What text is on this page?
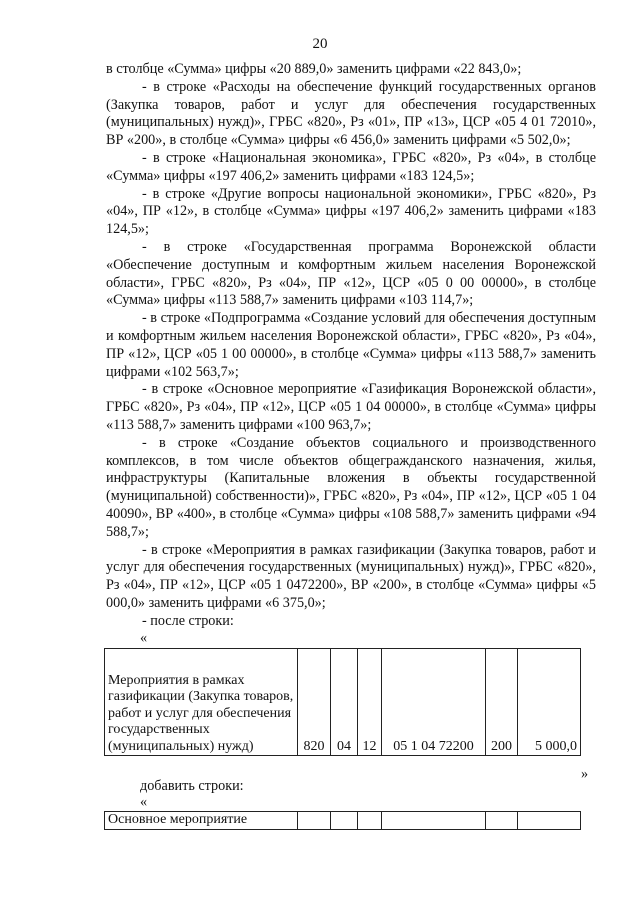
20

в столбце «Сумма» цифры «20 889,0» заменить цифрами «22 843,0»;

- в строке «Расходы на обеспечение функций государственных органов (Закупка товаров, работ и услуг для обеспечения государственных (муниципальных) нужд)», ГРБС «820», Рз «01», ПР «13», ЦСР «05 4 01 72010», ВР «200», в столбце «Сумма» цифры «6 456,0» заменить цифрами «5 502,0»;

- в строке «Национальная экономика», ГРБС «820», Рз «04», в столбце «Сумма» цифры «197 406,2» заменить цифрами «183 124,5»;

- в строке «Другие вопросы национальной экономики», ГРБС «820», Рз «04», ПР «12», в столбце «Сумма» цифры «197 406,2» заменить цифрами «183 124,5»;

- в строке «Государственная программа Воронежской области «Обеспечение доступным и комфортным жильем населения Воронежской области», ГРБС «820», Рз «04», ПР «12», ЦСР «05 0 00 00000», в столбце «Сумма» цифры «113 588,7» заменить цифрами «103 114,7»;

- в строке «Подпрограмма «Создание условий для обеспечения доступным и комфортным жильем населения Воронежской области», ГРБС «820», Рз «04», ПР «12», ЦСР «05 1 00 00000», в столбце «Сумма» цифры «113 588,7» заменить цифрами «102 563,7»;

- в строке «Основное мероприятие «Газификация Воронежской области», ГРБС «820», Рз «04», ПР «12», ЦСР «05 1 04 00000», в столбце «Сумма» цифры «113 588,7» заменить цифрами «100 963,7»;

- в строке «Создание объектов социального и производственного комплексов, в том числе объектов общегражданского назначения, жилья, инфраструктуры (Капитальные вложения в объекты государственной (муниципальной) собственности)», ГРБС «820», Рз «04», ПР «12», ЦСР «05 1 04 40090», ВР «400», в столбце «Сумма» цифры «108 588,7» заменить цифрами «94 588,7»;

- в строке «Мероприятия в рамках газификации (Закупка товаров, работ и услуг для обеспечения государственных (муниципальных) нужд)», ГРБС «820», Рз «04», ПР «12», ЦСР «05 1 0472200», ВР «200», в столбце «Сумма» цифры «5 000,0» заменить цифрами «6 375,0»;

- после строки:

«
Мероприятия в рамках газификации (Закупка товаров, работ и услуг для обеспечения государственных (муниципальных) нужд)	820	04	12	05 1 04 72200	200	5 000,0
»
добавить строки:
«
Основное мероприятие						
